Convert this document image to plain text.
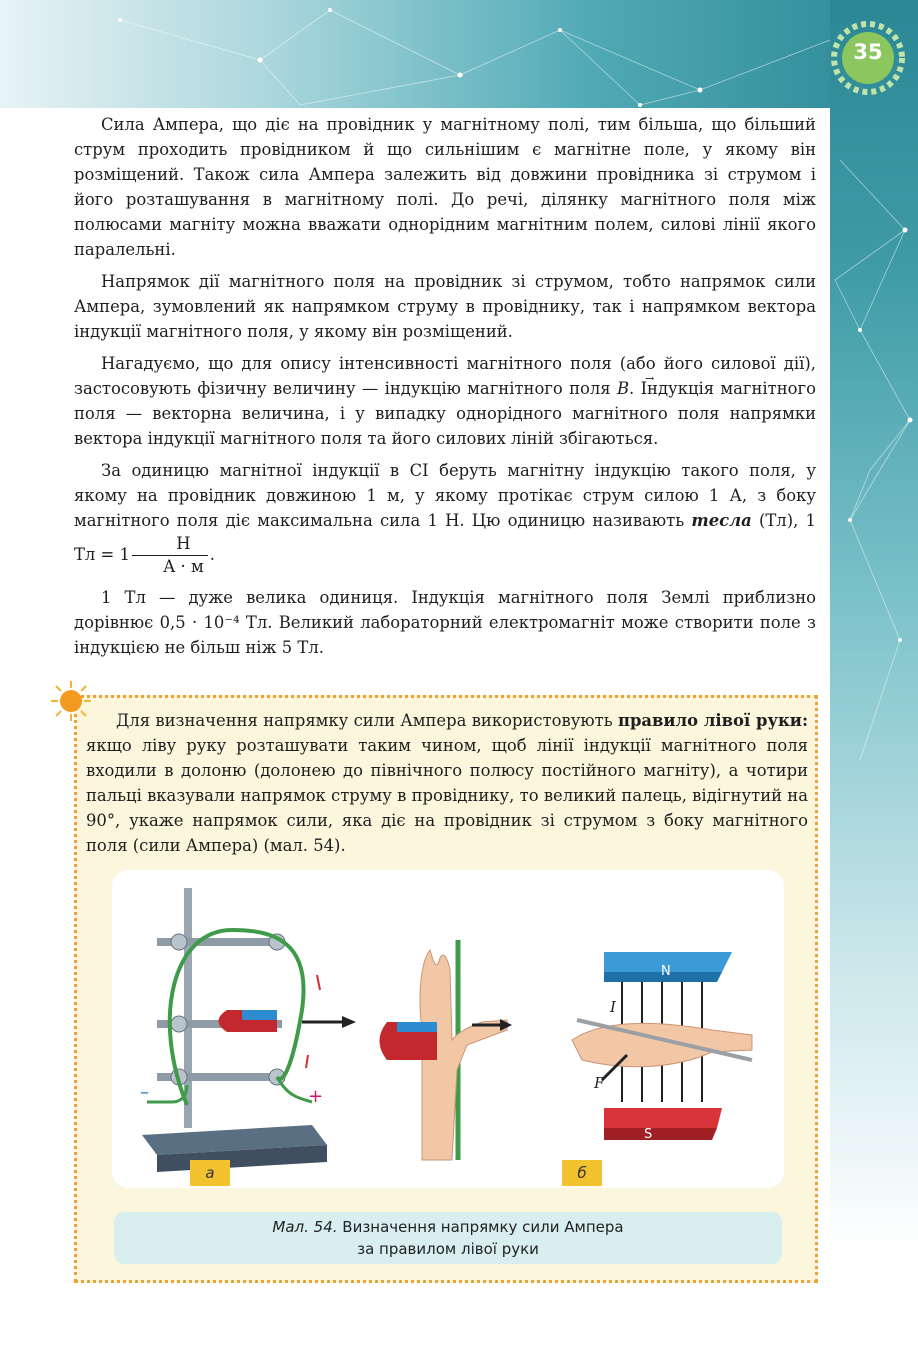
35

Сила Ампера, що діє на провідник у магнітному полі, тим більша, що більший струм проходить провідником й що сильнішим є магнітне поле, у якому він розміщений. Також сила Ампера залежить від довжини провідника зі струмом і його розташування в магнітному полі. До речі, ділянку магнітного поля між полюсами магніту можна вважати однорідним магнітним полем, силові лінії якого паралельні.

Напрямок дії магнітного поля на провідник зі струмом, тобто напрямок сили Ампера, зумовлений як напрямком струму в провіднику, так і напрямком вектора індукції магнітного поля, у якому він розміщений.

Нагадуємо, що для опису інтенсивності магнітного поля (або його силової дії), застосовують фізичну величину — індукцію магнітного поля → B. Індукція магнітного поля — векторна величина, і у випадку однорідного магнітного поля напрямки вектора індукції магнітного поля та його силових ліній збігаються.

За одиницю магнітної індукції в СІ беруть магнітну індукцію такого поля, у якому на провідник довжиною 1 м, у якому протікає струм силою 1 А, з боку магнітного поля діє максимальна сила 1 Н. Цю одиницю називають тесла (Тл), 1 Тл = $1 \frac{Н}{А \cdot м}$ .

1 Тл — дуже велика одиниця. Індукція магнітного поля Землі приблизно дорівнює 0,5 · 10⁻⁴ Тл. Великий лабораторний електромагніт може створити поле з індукцією не більш ніж 5 Тл.

Для визначення напрямку сили Ампера використовують правило лівої руки: якщо ліву руку розташувати таким чином, щоб лінії індукції магнітного поля входили в долоню (долонею до північного полюсу постійного магніту), а чотири пальці вказували напрямок струму в провіднику, то великий палець, відігнутий на 90°, укаже напрямок сили, яка діє на провідник зі струмом з боку магнітного поля (сили Ампера) (мал. 54).

–	+
N
S
I
F
а	б
Мал. 54. Визначення напрямку сили Ампера
за правилом лівої руки
